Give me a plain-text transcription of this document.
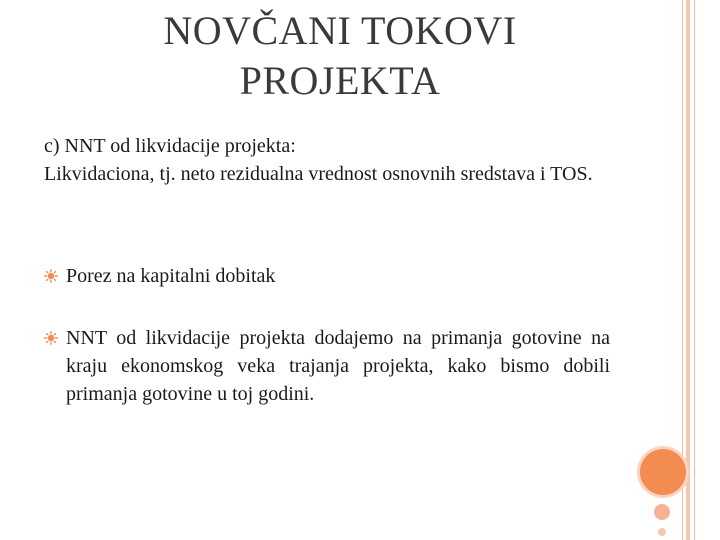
NOVČANI TOKOVI
PROJEKTA

c) NNT od likvidacije projekta:

Likvidaciona, tj. neto rezidualna vrednost osnovnih sredstava i TOS.

Porez na kapitalni dobitak
NNT od likvidacije projekta dodajemo na primanja gotovine na kraju ekonomskog veka trajanja projekta, kako bismo dobili primanja gotovine u toj godini.
